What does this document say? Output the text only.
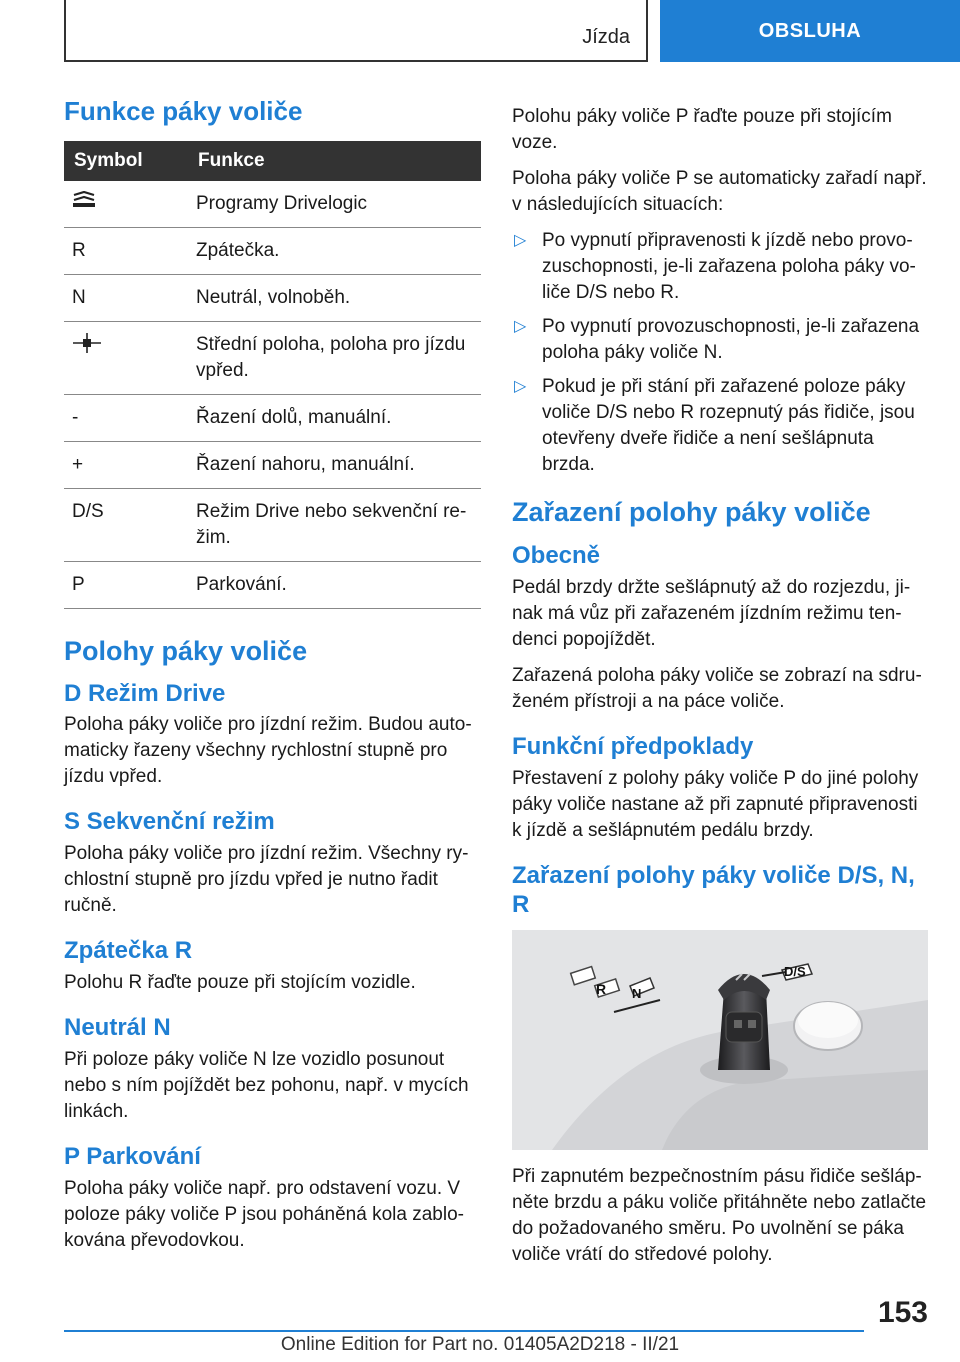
Jízda	OBSLUHA
Funkce páky voliče
Symbol	Funkce
	Programy Drivelogic
R	Zpátečka.
N	Neutrál, volnoběh.
	Střední poloha, poloha pro jízdu vpřed.
-	Řazení dolů, manuální.
+	Řazení nahoru, manuální.
D/S	Režim Drive nebo sekvenční re-žim.
P	Parkování.
Polohy páky voliče
D Režim Drive

Poloha páky voliče pro jízdní režim. Budou auto-maticky řazeny všechny rychlostní stupně pro jízdu vpřed.

S Sekvenční režim

Poloha páky voliče pro jízdní režim. Všechny ry-chlostní stupně pro jízdu vpřed je nutno řadit ručně.

Zpátečka R

Polohu R řaďte pouze při stojícím vozidle.

Neutrál N

Při poloze páky voliče N lze vozidlo posunout nebo s ním pojíždět bez pohonu, např. v mycích linkách.

P Parkování

Poloha páky voliče např. pro odstavení vozu. V poloze páky voliče P jsou poháněná kola zablo-kována převodovkou.

Polohu páky voliče P řaďte pouze při stojícím voze.

Poloha páky voliče P se automaticky zařadí např. v následujících situacích:

▷ Po vypnutí připravenosti k jízdě nebo provo-zuschopnosti, je-li zařazena poloha páky vo-liče D/S nebo R.
▷ Po vypnutí provozuschopnosti, je-li zařazena poloha páky voliče N.
▷ Pokud je při stání při zařazené poloze páky voliče D/S nebo R rozepnutý pás řidiče, jsou otevřeny dveře řidiče a není sešlápnuta brzda.
Zařazení polohy páky voliče
Obecně

Pedál brzdy držte sešlápnutý až do rozjezdu, ji-nak má vůz při zařazeném jízdním režimu ten-denci popojíždět.

Zařazená poloha páky voliče se zobrazí na sdru-ženém přístroji a na páce voliče.

Funkční předpoklady

Přestavení z polohy páky voliče P do jiné polohy páky voliče nastane až při zapnuté připravenosti k jízdě a sešlápnutém pedálu brzdy.

Zařazení polohy páky voliče D/S, N, R
R N
D/S

Při zapnutém bezpečnostním pásu řidiče sešláp-něte brzdu a páku voliče přitáhněte nebo zatlačte do požadovaného směru. Po uvolnění se páka voliče vrátí do středové polohy.

153
Online Edition for Part no. 01405A2D218 - II/21
